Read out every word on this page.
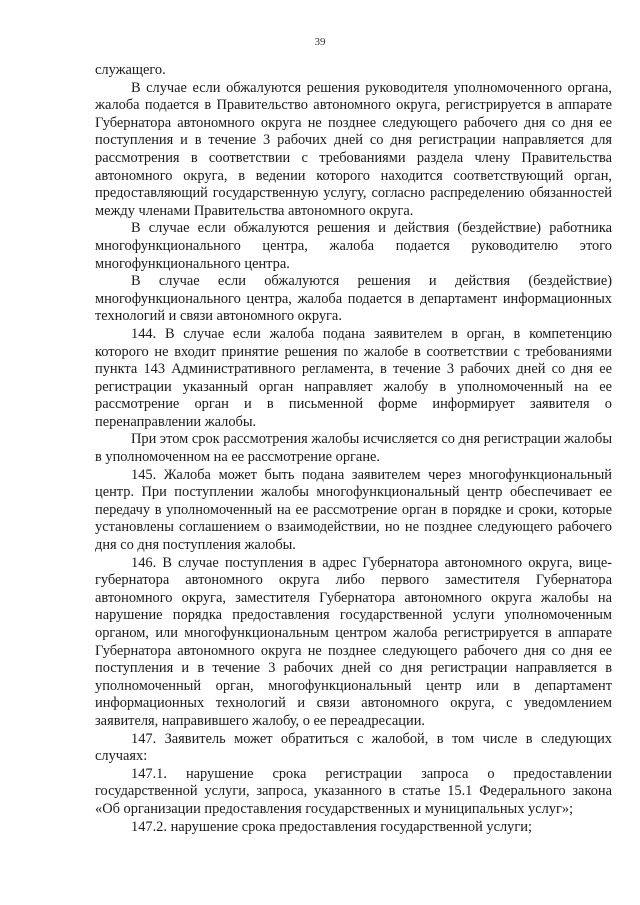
39

служащего.

В случае если обжалуются решения руководителя уполномоченного органа, жалоба подается в Правительство автономного округа, регистрируется в аппарате Губернатора автономного округа не позднее следующего рабочего дня со дня ее поступления и в течение 3 рабочих дней со дня регистрации направляется для рассмотрения в соответствии с требованиями раздела члену Правительства автономного округа, в ведении которого находится соответствующий орган, предоставляющий государственную услугу, согласно распределению обязанностей между членами Правительства автономного округа.

В случае если обжалуются решения и действия (бездействие) работника многофункционального центра, жалоба подается руководителю этого многофункционального центра.

В случае если обжалуются решения и действия (бездействие) многофункционального центра, жалоба подается в департамент информационных технологий и связи автономного округа.

144. В случае если жалоба подана заявителем в орган, в компетенцию которого не входит принятие решения по жалобе в соответствии с требованиями пункта 143 Административного регламента, в течение 3 рабочих дней со дня ее регистрации указанный орган направляет жалобу в уполномоченный на ее рассмотрение орган и в письменной форме информирует заявителя о перенаправлении жалобы.

При этом срок рассмотрения жалобы исчисляется со дня регистрации жалобы в уполномоченном на ее рассмотрение органе.

145. Жалоба может быть подана заявителем через многофункциональный центр. При поступлении жалобы многофункциональный центр обеспечивает ее передачу в уполномоченный на ее рассмотрение орган в порядке и сроки, которые установлены соглашением о взаимодействии, но не позднее следующего рабочего дня со дня поступления жалобы.

146. В случае поступления в адрес Губернатора автономного округа, вице-губернатора автономного округа либо первого заместителя Губернатора автономного округа, заместителя Губернатора автономного округа жалобы на нарушение порядка предоставления государственной услуги уполномоченным органом, или многофункциональным центром жалоба регистрируется в аппарате Губернатора автономного округа не позднее следующего рабочего дня со дня ее поступления и в течение 3 рабочих дней со дня регистрации направляется в уполномоченный орган, многофункциональный центр или в департамент информационных технологий и связи автономного округа, с уведомлением заявителя, направившего жалобу, о ее переадресации.

147. Заявитель может обратиться с жалобой, в том числе в следующих случаях:

147.1. нарушение срока регистрации запроса о предоставлении государственной услуги, запроса, указанного в статье 15.1 Федерального закона «Об организации предоставления государственных и муниципальных услуг»;

147.2. нарушение срока предоставления государственной услуги;
